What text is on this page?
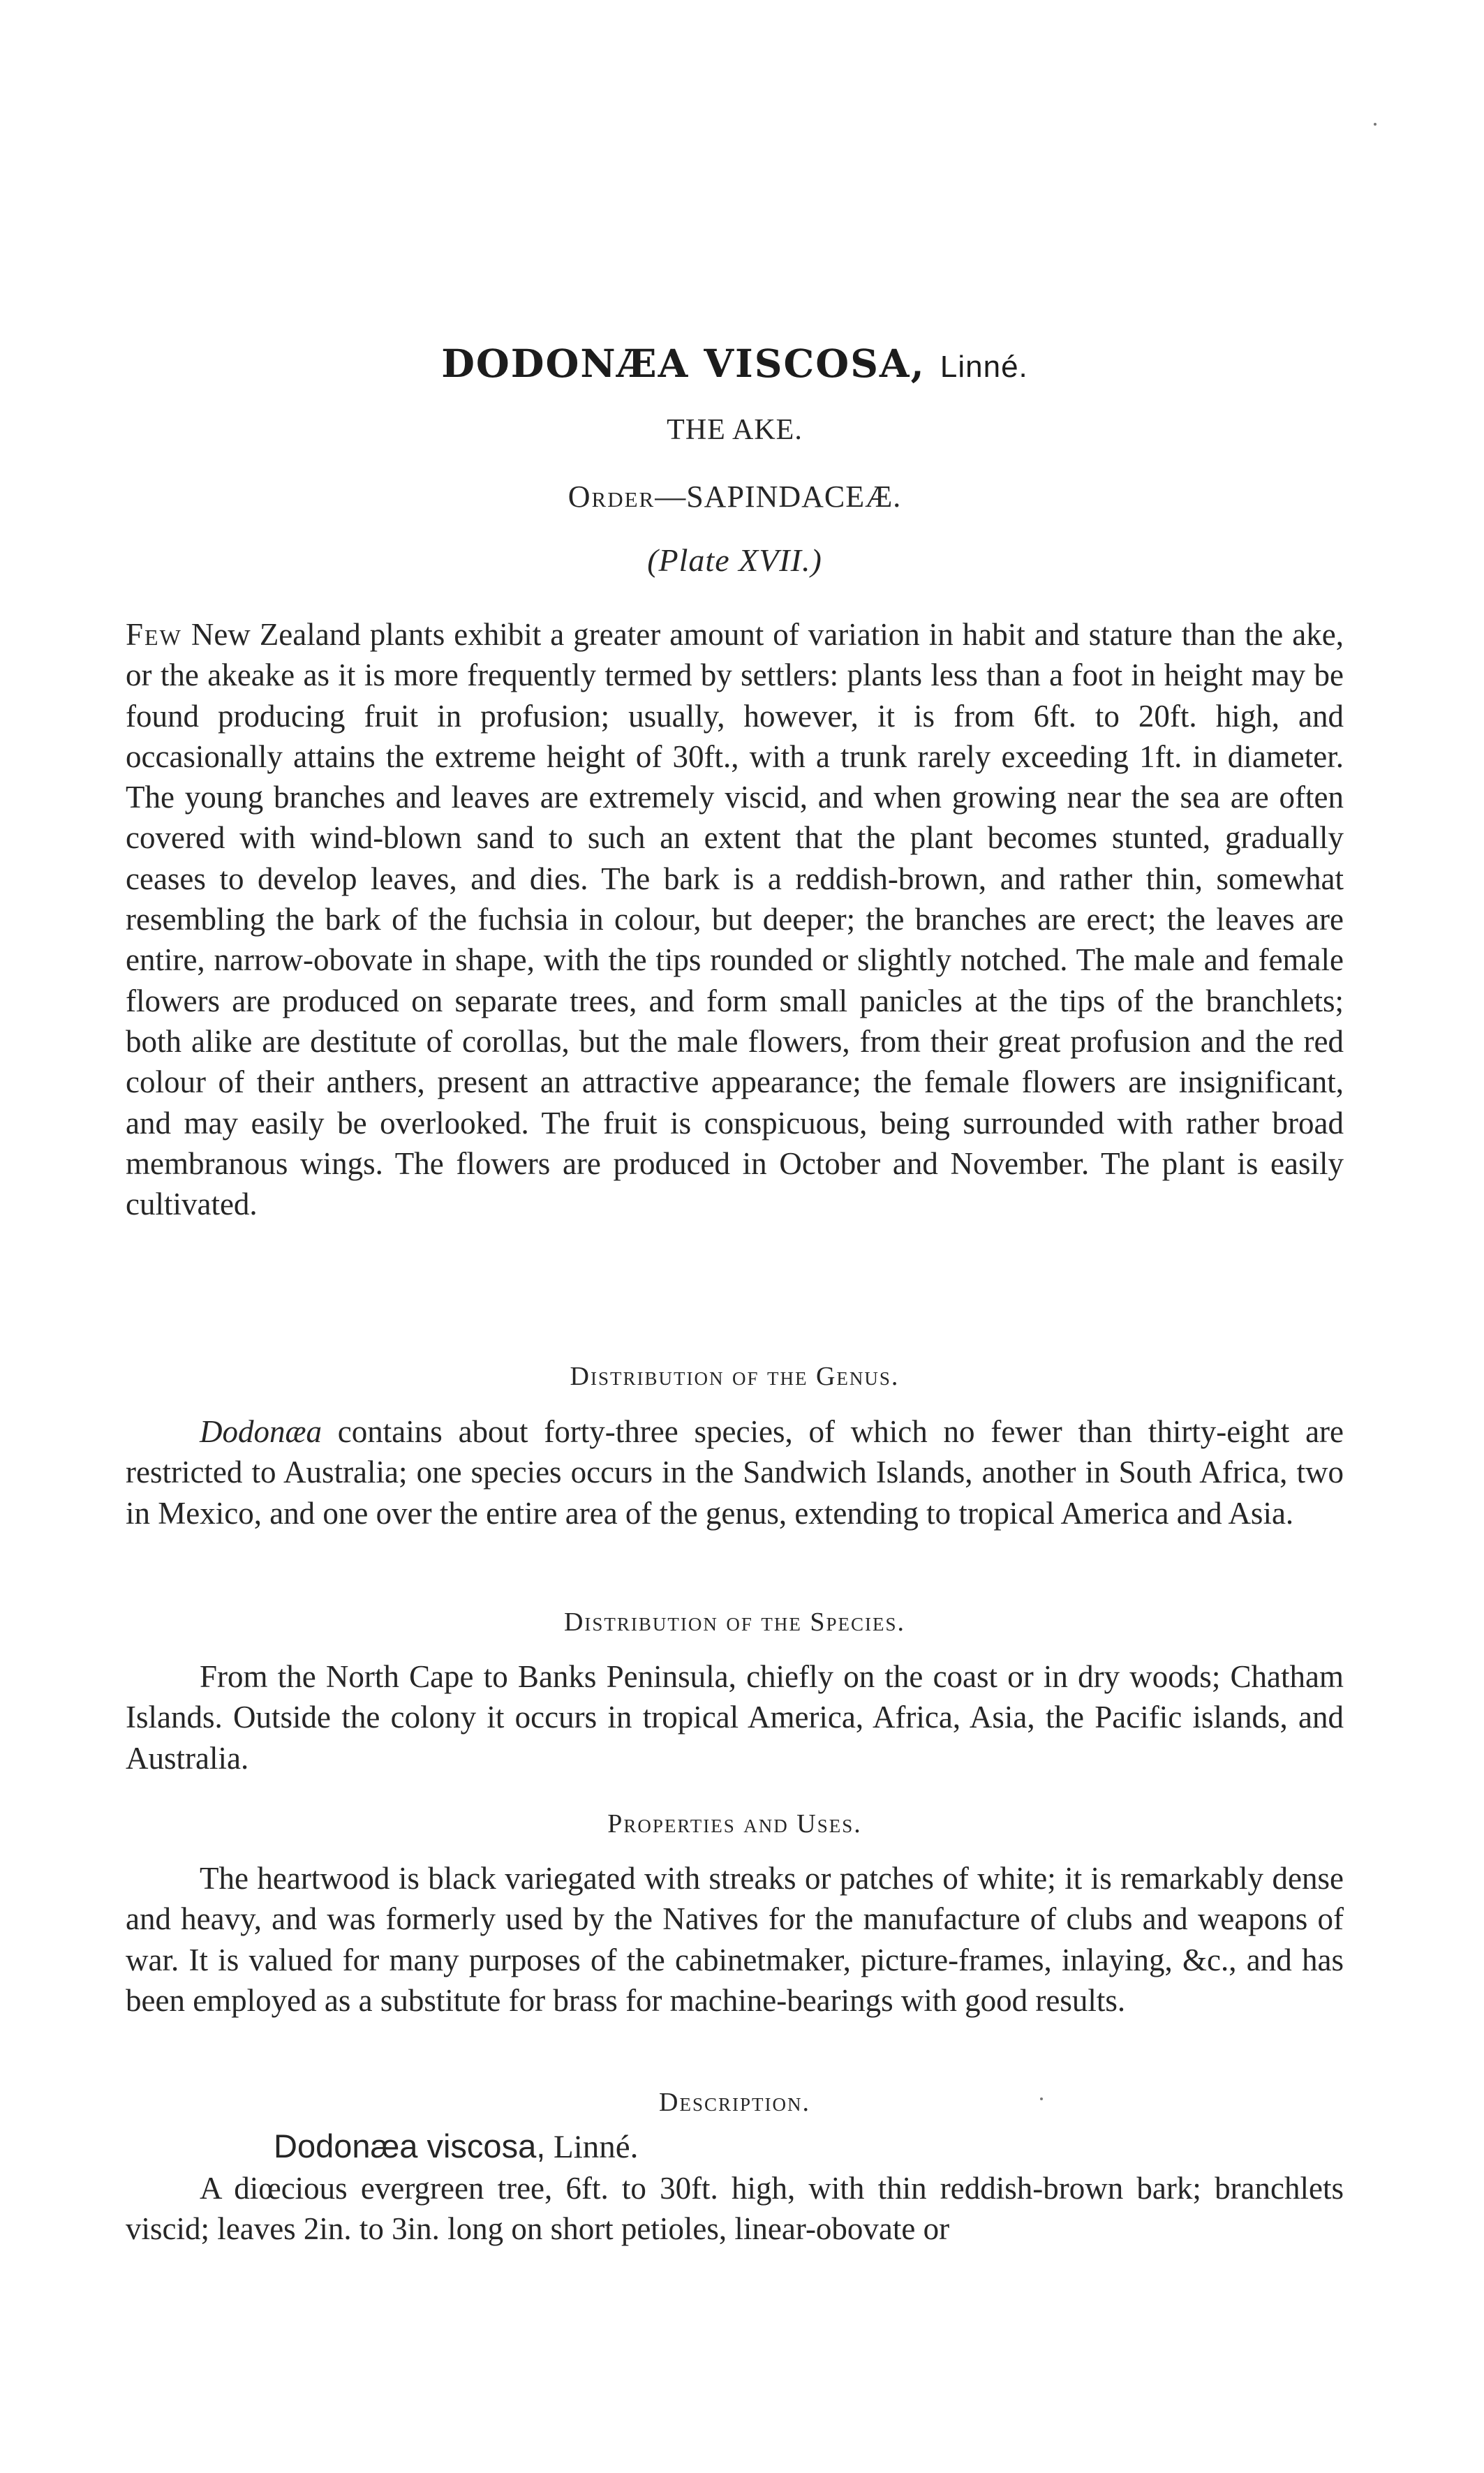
DODONÆA VISCOSA, Linné.
THE AKE.
Order—SAPINDACEÆ.
(Plate XVII.)

Few New Zealand plants exhibit a greater amount of variation in habit and stature than the ake, or the akeake as it is more frequently termed by settlers: plants less than a foot in height may be found producing fruit in profusion; usually, however, it is from 6ft. to 20ft. high, and occasionally attains the extreme height of 30ft., with a trunk rarely exceeding 1ft. in diameter. The young branches and leaves are extremely viscid, and when growing near the sea are often covered with wind-blown sand to such an extent that the plant becomes stunted, gradually ceases to develop leaves, and dies. The bark is a reddish-brown, and rather thin, somewhat resembling the bark of the fuchsia in colour, but deeper; the branches are erect; the leaves are entire, narrow-obovate in shape, with the tips rounded or slightly notched. The male and female flowers are produced on separate trees, and form small panicles at the tips of the branchlets; both alike are destitute of corollas, but the male flowers, from their great profusion and the red colour of their anthers, present an attractive appearance; the female flowers are insignificant, and may easily be overlooked. The fruit is conspicuous, being surrounded with rather broad membranous wings. The flowers are produced in October and November. The plant is easily cultivated.

Distribution of the Genus.

Dodonæa contains about forty-three species, of which no fewer than thirty-eight are restricted to Australia; one species occurs in the Sandwich Islands, another in South Africa, two in Mexico, and one over the entire area of the genus, extending to tropical America and Asia.

Distribution of the Species.

From the North Cape to Banks Peninsula, chiefly on the coast or in dry woods; Chatham Islands. Outside the colony it occurs in tropical America, Africa, Asia, the Pacific islands, and Australia.

Properties and Uses.

The heartwood is black variegated with streaks or patches of white; it is remarkably dense and heavy, and was formerly used by the Natives for the manufacture of clubs and weapons of war. It is valued for many purposes of the cabinetmaker, picture-frames, inlaying, &c., and has been employed as a substitute for brass for machine-bearings with good results.

Description.
Dodonæa viscosa, Linné.

A diœcious evergreen tree, 6ft. to 30ft. high, with thin reddish-brown bark; branchlets viscid; leaves 2in. to 3in. long on short petioles, linear-obovate or
